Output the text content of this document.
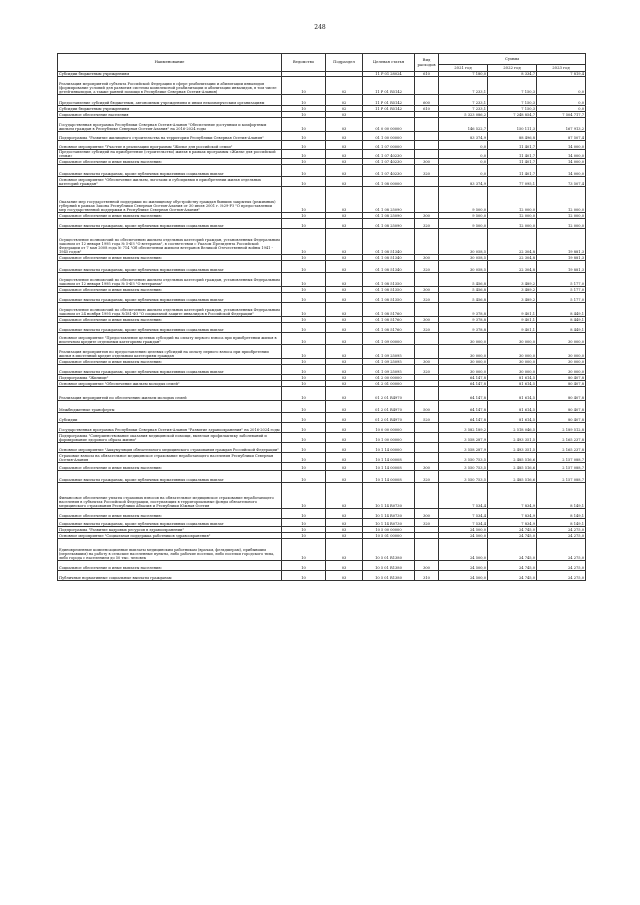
248
Наименование	Ведомство	Подраздел	Целевая статья	Вид расходов	Суммы		
					2021 год	2022 год	2023 год
Субсидии бюджетным учреждениям			11 Р 01 28024	610	7 180,0	8 334,7	7 819,4
Реализация мероприятий субъекта Российской Федерации в сфере реабилитации и абилитации инвалидов (формирование условий для развития системы комплексной реабилитации и абилитации инвалидов, в том числе детей-инвалидов, а также ранней помощи в Республике Северная Осетия-Алания)	10	02	11 Р 01 R5142		7 233,1	7 150,3	0,0
Предоставление субсидий бюджетным, автономным учреждениям и иным некоммерческим организациям	10	02	11 Р 01 R5142	600	7 233,1	7 150,3	0,0
Субсидии бюджетным учреждениям	10	02	11 Р 01 R5142	610	7 233,1	7 150,3	0,0
Социальное обеспечение населения	10	03			5 323 086,2	7 248 854,7	7 504 717,7
Государственная программа Республики Северная Осетия-Алания "Обеспечение доступным и комфортным жильем граждан в Республике Северная Осетия-Алания" на 2016-2024 годы	10	03	01 0 00 00000		146 522,7	150 111,3	167 913,2
Подпрограмма "Развитие жилищного строительства на территории Республики Северная Осетия-Алания"	10	03	01 1 00 00000		83 374,9	88 496,8	87 507,4
Основное мероприятие "Участие в реализации программы "Жилье для российской семьи"	10	03	01 1 07 00000		0,0	11 401,7	14 000,0
Предоставление субсидий на приобретение (строительство) жилья в рамках программы «Жилье для российской семьи»	10	03	01 1 07 40230		0,0	11 401,7	14 000,0
Социальное обеспечение и иные выплаты населению	10	03	01 1 07 40230	300	0,0	11 401,7	14 000,0
Социальные выплаты гражданам, кроме публичных нормативных социальных выплат	10	03	01 1 07 40230	320	0,0	11 401,7	14 000,0
Основное мероприятие "Обеспечение жильем, льготами и субсидиями в приобретении жилья отдельных категорий граждан"	10	03	01 1 08 00000		83 374,9	77 095,1	73 507,4
Оказание мер государственной поддержки по жилищному обустройству граждан бывших закрытых (режимных) губерний в рамках Закона Республики Северная Осетия-Алания от 30 июля 2001 г. №29-РЗ "О предоставлении мер государственной поддержки в Республике Северная Осетия-Алания"	10	03	01 1 08 25090		9 500,0	12 000,0	12 000,0
Социальное обеспечение и иные выплаты населению	10	03	01 1 08 25090	300	9 500,0	12 000,0	12 000,0
Социальные выплаты гражданам, кроме публичных нормативных социальных выплат	10	03	01 1 08 25090	320	9 500,0	12 000,0	12 000,0
Осуществление полномочий по обеспечению жильем отдельных категорий граждан, установленных Федеральным законом от 12 января 1995 года № 5-ФЗ "О ветеранах", в соответствии с Указом Президента Российской Федерации от 7 мая 2008 года № 714 "Об обеспечении жильем ветеранов Великой Отечественной войны 1941 - 1945 годов"	10	03	01 1 08 51340		30 058,5	22 304,8	19 881,3
Социальное обеспечение и иные выплаты населению	10	03	01 1 08 51340	300	30 058,5	22 304,8	19 881,3
Социальные выплаты гражданам, кроме публичных нормативных социальных выплат	10	03	01 1 08 51340	320	30 058,5	22 304,8	19 881,3
Осуществление полномочий по обеспечению жильем отдельных категорий граждан, установленных Федеральным законом от 12 января 1995 года № 5-ФЗ "О ветеранах"	10	03	01 1 08 51350		5 456,8	3 489,2	5 177,0
Социальное обеспечение и иные выплаты населению	10	03	01 1 08 51350	300	5 456,8	3 489,2	5 177,0
Социальные выплаты гражданам, кроме публичных нормативных социальных выплат	10	03	01 1 08 51350	320	5 456,8	3 489,2	5 177,0
Осуществление полномочий по обеспечению жильем отдельных категорий граждан, установленных Федеральным законом от 24 ноября 1995 года №181-ФЗ "О социальной защите инвалидов в Российской Федерации"	10	03	01 1 08 51760		9 378,8	9 401,1	8 449,1
Социальное обеспечение и иные выплаты населению	10	03	01 1 08 51760	300	9 378,8	9 401,1	8 449,1
Социальные выплаты гражданам, кроме публичных нормативных социальных выплат	10	03	01 1 08 51760	320	9 378,8	9 401,1	8 449,1
Основное мероприятие "Предоставление целевых субсидий на оплату первого взноса при приобретении жилья в ипотечном кредите отдельным категориям граждан"	10	03	01 1 09 00000		30 000,0	30 000,0	30 000,0
Реализация мероприятия по предоставлению целевых субсидий на оплату первого взноса при приобретении жилья в ипотечный кредит отдельным категориям граждан	10	03	01 1 09 25095		30 000,0	30 000,0	30 000,0
Социальное обеспечение и иные выплаты населению	10	03	01 1 09 25095	300	30 000,0	30 000,0	30 000,0
Социальные выплаты гражданам, кроме публичных нормативных социальных выплат	10	03	01 1 09 25095	320	30 000,0	30 000,0	30 000,0
Подпрограмма "Жилище"	10	03	01 2 00 00000		64 147,8	81 614,5	80 407,8
Основное мероприятие "Обеспечение жильем молодых семей"	10	03	01 2 01 00000		64 147,8	81 614,5	80 407,8
Реализация мероприятий по обеспечению жильем молодых семей	10	03	01 2 01 R4970		64 147,8	81 614,5	80 407,8
Межбюджетные трансферты	10	03	01 2 01 R4970	500	64 147,8	81 614,5	80 407,8
Субсидии	10	03	01 2 01 R4970	520	64 147,8	81 614,5	80 407,8
Государственная программа Республики Северная Осетия-Алания "Развитие здравоохранения" на 2016-2024 годы	10	03	10 0 00 00000		3 582 189,2	2 518 046,5	2 189 512,8
Подпрограмма "Совершенствование оказания медицинской помощи, включая профилактику заболеваний и формирование здорового образа жизни"	10	03	10 1 00 00000		3 558 287,9	2 493 351,5	2 165 237,8
Основное мероприятие "Аккумуляция обязательного медицинского страхования граждан Российской Федерации"	10	03	10 1 14 00000		3 558 287,9	2 493 351,5	2 165 237,8
Страховые взносы на обязательное медицинское страхование неработающего населения Республики Северная Осетия-Алания	10	03	10 1 14 00008		3 550 753,5	2 485 516,6	2 157 088,7
Социальное обеспечение и иные выплаты населению	10	03	10 1 14 00008	300	3 550 753,5	2 485 516,6	2 157 088,7
Социальные выплаты гражданам, кроме публичных нормативных социальных выплат	10	03	10 1 14 00008	320	3 550 753,5	2 485 516,6	2 157 088,7
Финансовое обеспечение уплаты страховых взносов на обязательное медицинское страхование неработающего населения в субъектах Российской Федерации, поступающих в территориальные фонды обязательного медицинского страхования Республики Абхазия и Республики Южная Осетия	10	03	10 1 14 R0730		7 534,4	7 834,9	8 149,1
Социальное обеспечение и иные выплаты населению	10	03	10 1 14 R0730	300	7 534,4	7 834,9	8 149,1
Социальные выплаты гражданам, кроме публичных нормативных социальных выплат	10	03	10 1 14 R0730	320	7 534,4	7 834,9	8 149,1
Подпрограмма "Развитие кадровых ресурсов в здравоохранении"	10	03	10 5 00 00000		24 500,0	24 745,0	24 275,0
Основное мероприятие "Социальная поддержка работников здравоохранения"	10	03	10 5 01 00000		24 500,0	24 745,0	24 275,0
Единовременные компенсационные выплаты медицинским работникам (врачам, фельдшерам), прибывшим (переехавшим) на работу в сельские населенные пункты, либо рабочие поселки, либо поселки городского типа, либо города с населением до 50 тыс. человек	10	03	10 5 01 R1380		24 500,0	24 745,0	24 275,0
Социальное обеспечение и иные выплаты населению	10	03	10 5 01 R1380	300	24 500,0	24 745,0	24 275,0
Публичные нормативные социальные выплаты гражданам	10	03	10 5 01 R1380	310	24 500,0	24 745,0	24 275,0
